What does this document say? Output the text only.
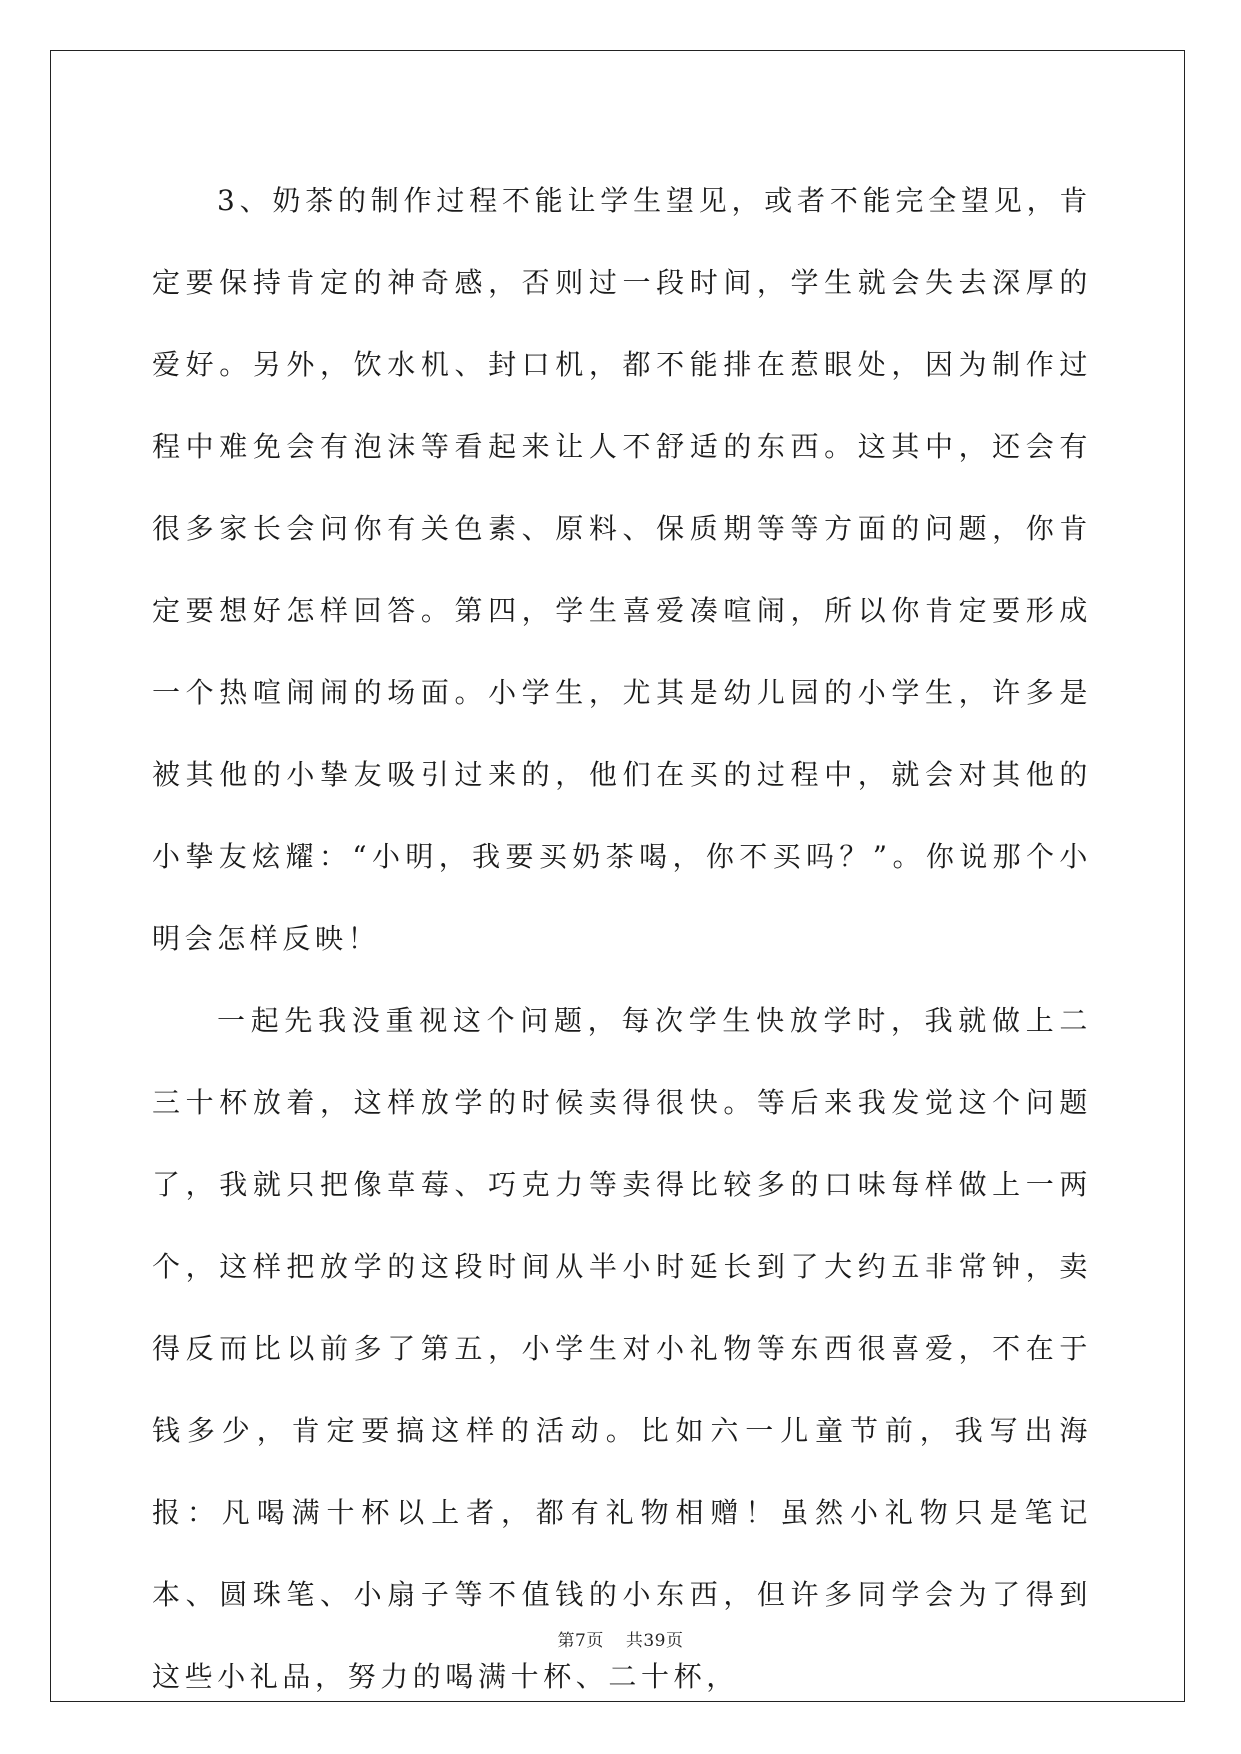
3、奶茶的制作过程不能让学生望见，或者不能完全望见，肯定要保持肯定的神奇感，否则过一段时间，学生就会失去深厚的爱好。另外，饮水机、封口机，都不能排在惹眼处，因为制作过程中难免会有泡沫等看起来让人不舒适的东西。这其中，还会有很多家长会问你有关色素、原料、保质期等等方面的问题，你肯定要想好怎样回答。第四，学生喜爱凑喧闹，所以你肯定要形成一个热喧闹闹的场面。小学生，尤其是幼儿园的小学生，许多是被其他的小挚友吸引过来的，他们在买的过程中，就会对其他的小挚友炫耀：“小明，我要买奶茶喝，你不买吗？”。你说那个小明会怎样反映！

一起先我没重视这个问题，每次学生快放学时，我就做上二三十杯放着，这样放学的时候卖得很快。等后来我发觉这个问题了，我就只把像草莓、巧克力等卖得比较多的口味每样做上一两个，这样把放学的这段时间从半小时延长到了大约五非常钟，卖得反而比以前多了第五，小学生对小礼物等东西很喜爱，不在于钱多少，肯定要搞这样的活动。比如六一儿童节前，我写出海报：凡喝满十杯以上者，都有礼物相赠！虽然小礼物只是笔记本、圆珠笔、小扇子等不值钱的小东西，但许多同学会为了得到这些小礼品，努力的喝满十杯、二十杯，

第7页 共39页
